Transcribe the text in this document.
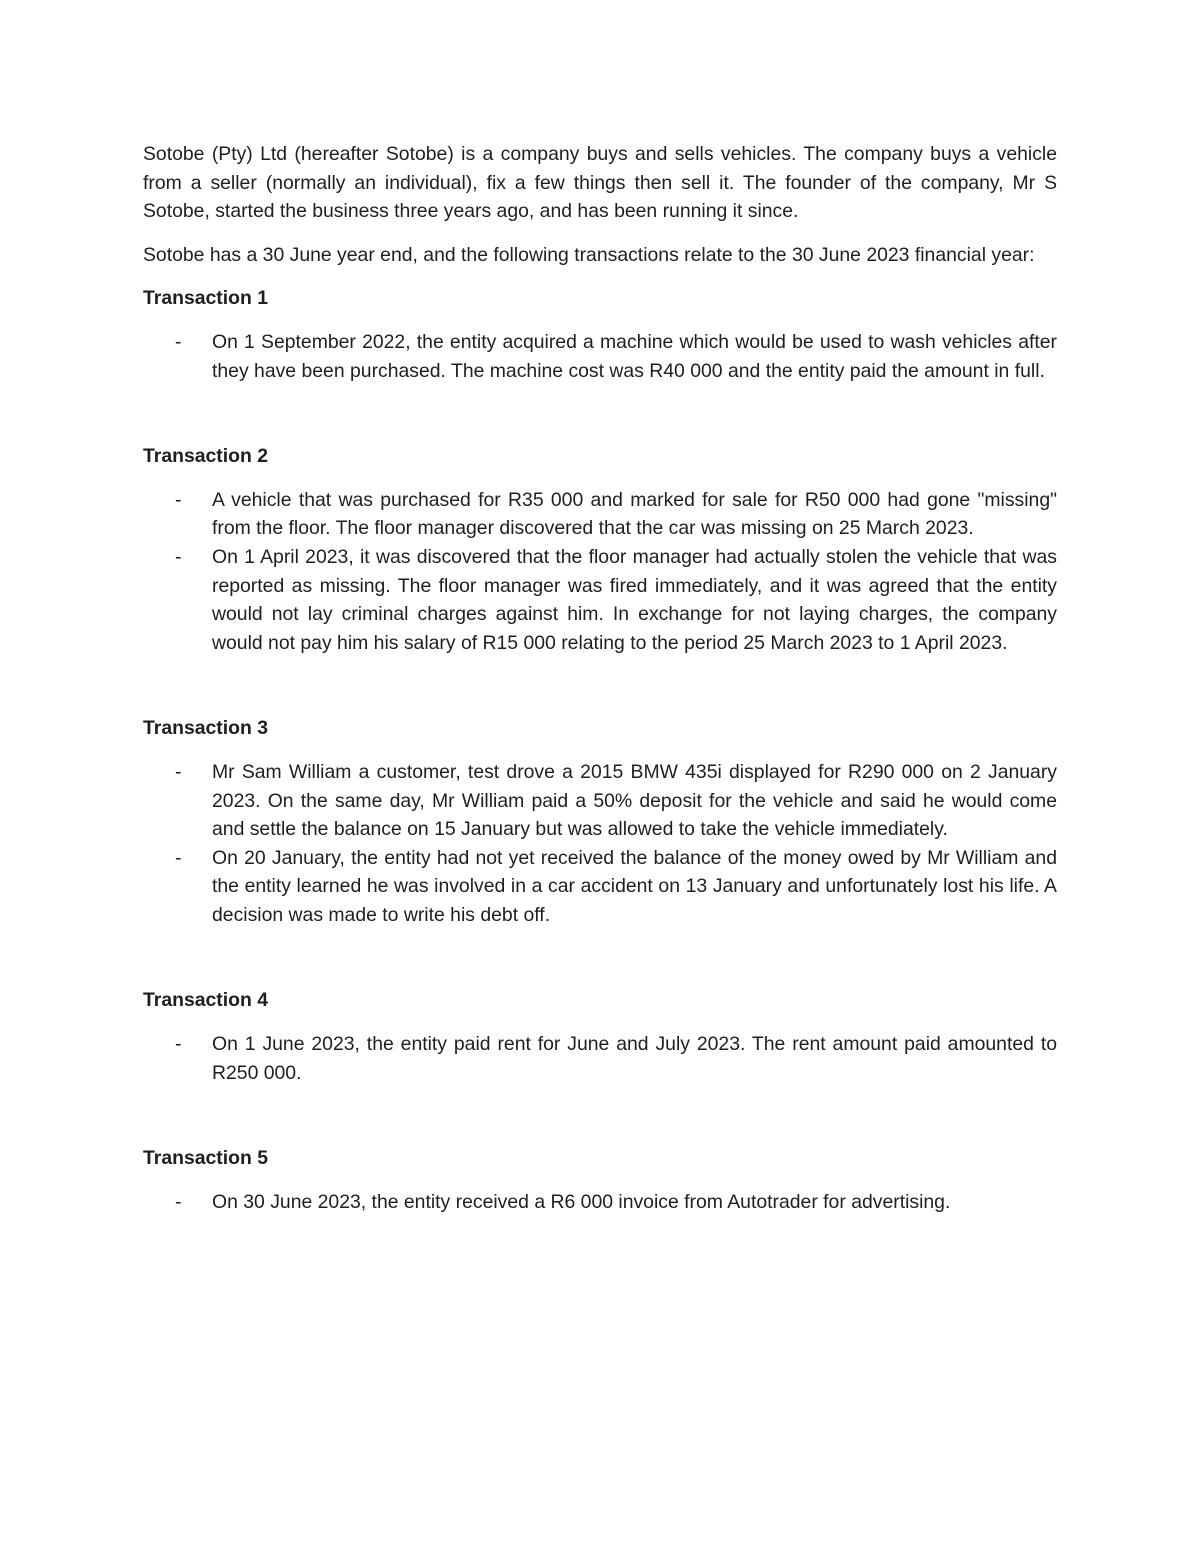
Sotobe (Pty) Ltd (hereafter Sotobe) is a company buys and sells vehicles. The company buys a vehicle from a seller (normally an individual), fix a few things then sell it. The founder of the company, Mr S Sotobe, started the business three years ago, and has been running it since.

Sotobe has a 30 June year end, and the following transactions relate to the 30 June 2023 financial year:

Transaction 1
- On 1 September 2022, the entity acquired a machine which would be used to wash vehicles after they have been purchased. The machine cost was R40 000 and the entity paid the amount in full.
Transaction 2
- A vehicle that was purchased for R35 000 and marked for sale for R50 000 had gone "missing" from the floor. The floor manager discovered that the car was missing on 25 March 2023.
- On 1 April 2023, it was discovered that the floor manager had actually stolen the vehicle that was reported as missing. The floor manager was fired immediately, and it was agreed that the entity would not lay criminal charges against him. In exchange for not laying charges, the company would not pay him his salary of R15 000 relating to the period 25 March 2023 to 1 April 2023.
Transaction 3
- Mr Sam William a customer, test drove a 2015 BMW 435i displayed for R290 000 on 2 January 2023. On the same day, Mr William paid a 50% deposit for the vehicle and said he would come and settle the balance on 15 January but was allowed to take the vehicle immediately.
- On 20 January, the entity had not yet received the balance of the money owed by Mr William and the entity learned he was involved in a car accident on 13 January and unfortunately lost his life. A decision was made to write his debt off.
Transaction 4
- On 1 June 2023, the entity paid rent for June and July 2023. The rent amount paid amounted to R250 000.
Transaction 5
- On 30 June 2023, the entity received a R6 000 invoice from Autotrader for advertising.
